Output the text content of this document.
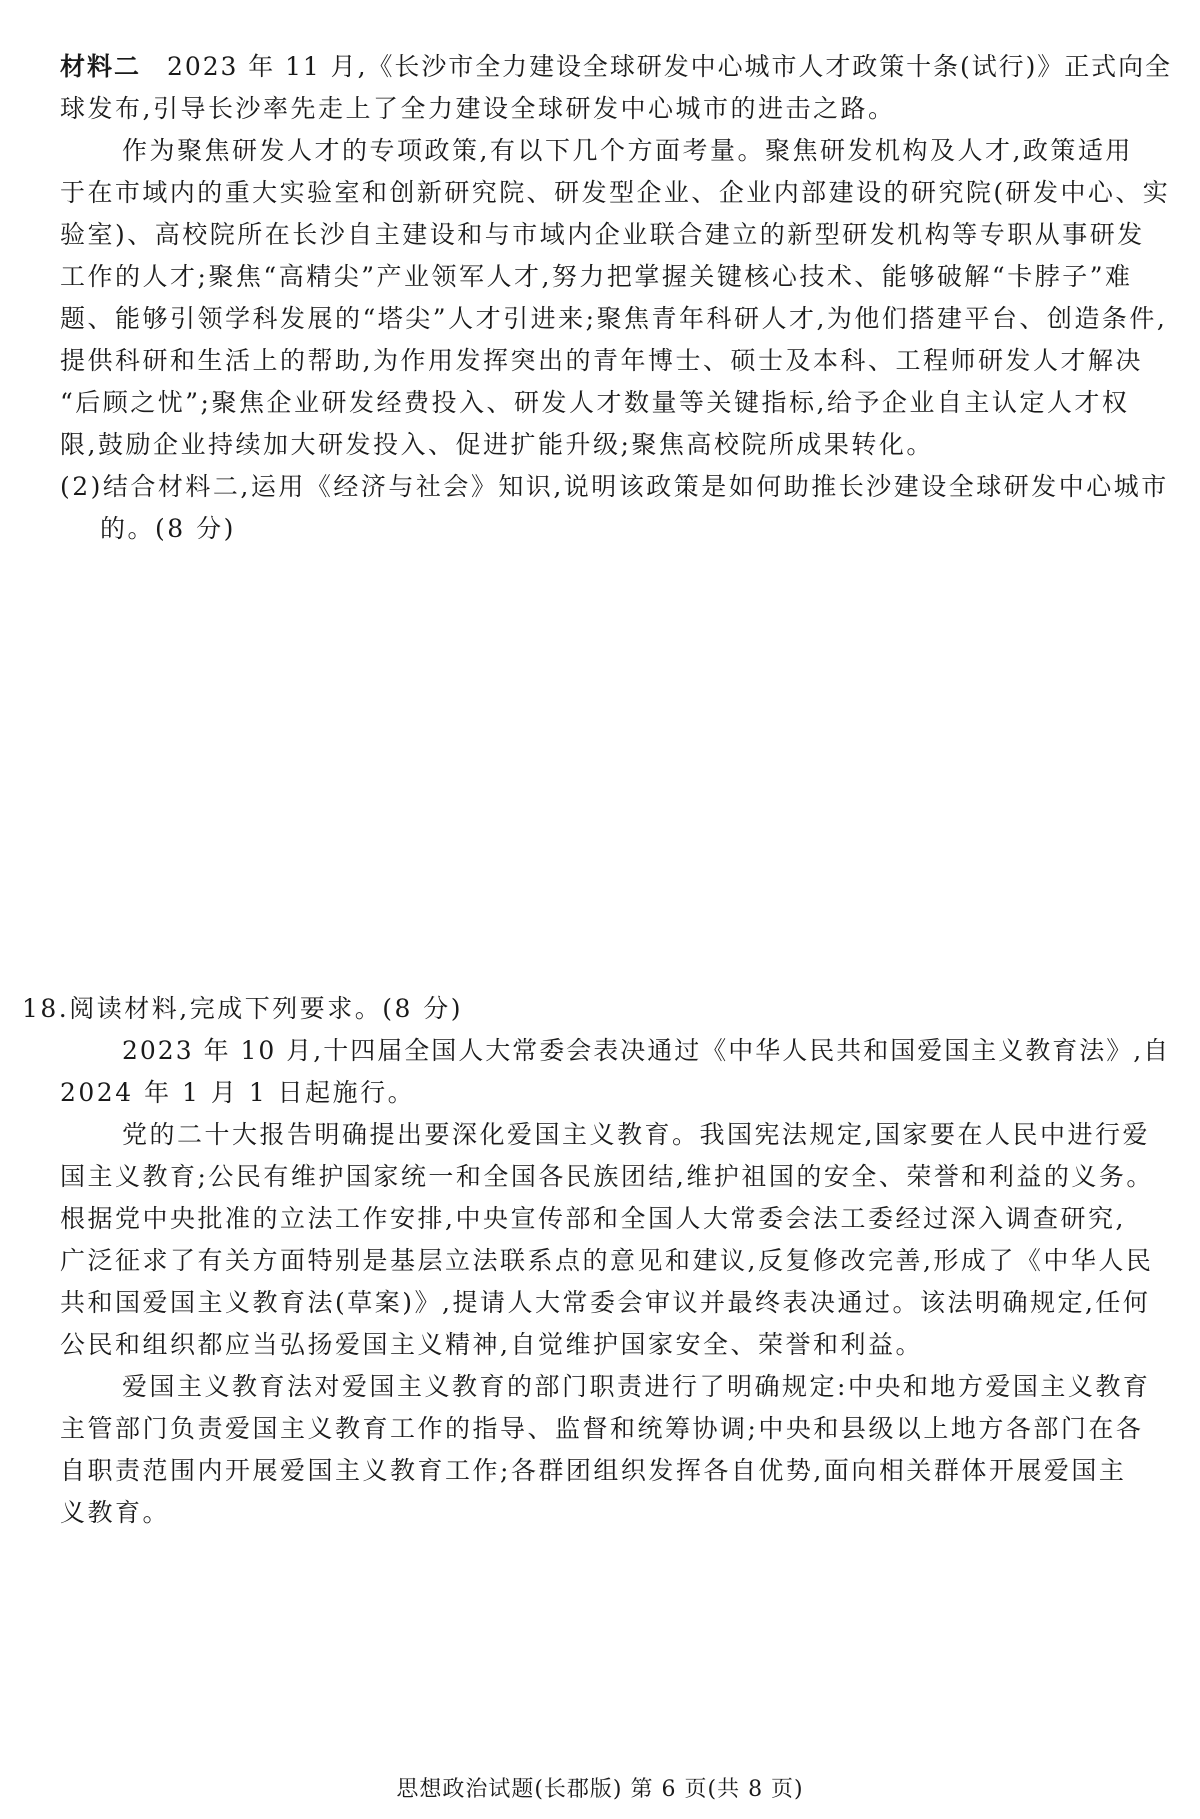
材料二 2023 年 11 月,《长沙市全力建设全球研发中心城市人才政策十条(试行)》正式向全
球发布,引导长沙率先走上了全力建设全球研发中心城市的进击之路。
作为聚焦研发人才的专项政策,有以下几个方面考量。聚焦研发机构及人才,政策适用
于在市域内的重大实验室和创新研究院、研发型企业、企业内部建设的研究院(研发中心、实
验室)、高校院所在长沙自主建设和与市域内企业联合建立的新型研发机构等专职从事研发
工作的人才;聚焦“高精尖”产业领军人才,努力把掌握关键核心技术、能够破解“卡脖子”难
题、能够引领学科发展的“塔尖”人才引进来;聚焦青年科研人才,为他们搭建平台、创造条件,
提供科研和生活上的帮助,为作用发挥突出的青年博士、硕士及本科、工程师研发人才解决
“后顾之忧”;聚焦企业研发经费投入、研发人才数量等关键指标,给予企业自主认定人才权
限,鼓励企业持续加大研发投入、促进扩能升级;聚焦高校院所成果转化。
(2)结合材料二,运用《经济与社会》知识,说明该政策是如何助推长沙建设全球研发中心城市
的。(8 分)
18.阅读材料,完成下列要求。(8 分)
2023 年 10 月,十四届全国人大常委会表决通过《中华人民共和国爱国主义教育法》,自
2024 年 1 月 1 日起施行。
党的二十大报告明确提出要深化爱国主义教育。我国宪法规定,国家要在人民中进行爱
国主义教育;公民有维护国家统一和全国各民族团结,维护祖国的安全、荣誉和利益的义务。
根据党中央批准的立法工作安排,中央宣传部和全国人大常委会法工委经过深入调查研究,
广泛征求了有关方面特别是基层立法联系点的意见和建议,反复修改完善,形成了《中华人民
共和国爱国主义教育法(草案)》,提请人大常委会审议并最终表决通过。该法明确规定,任何
公民和组织都应当弘扬爱国主义精神,自觉维护国家安全、荣誉和利益。
爱国主义教育法对爱国主义教育的部门职责进行了明确规定:中央和地方爱国主义教育
主管部门负责爱国主义教育工作的指导、监督和统筹协调;中央和县级以上地方各部门在各
自职责范围内开展爱国主义教育工作;各群团组织发挥各自优势,面向相关群体开展爱国主
义教育。
思想政治试题(长郡版) 第 6 页(共 8 页)
